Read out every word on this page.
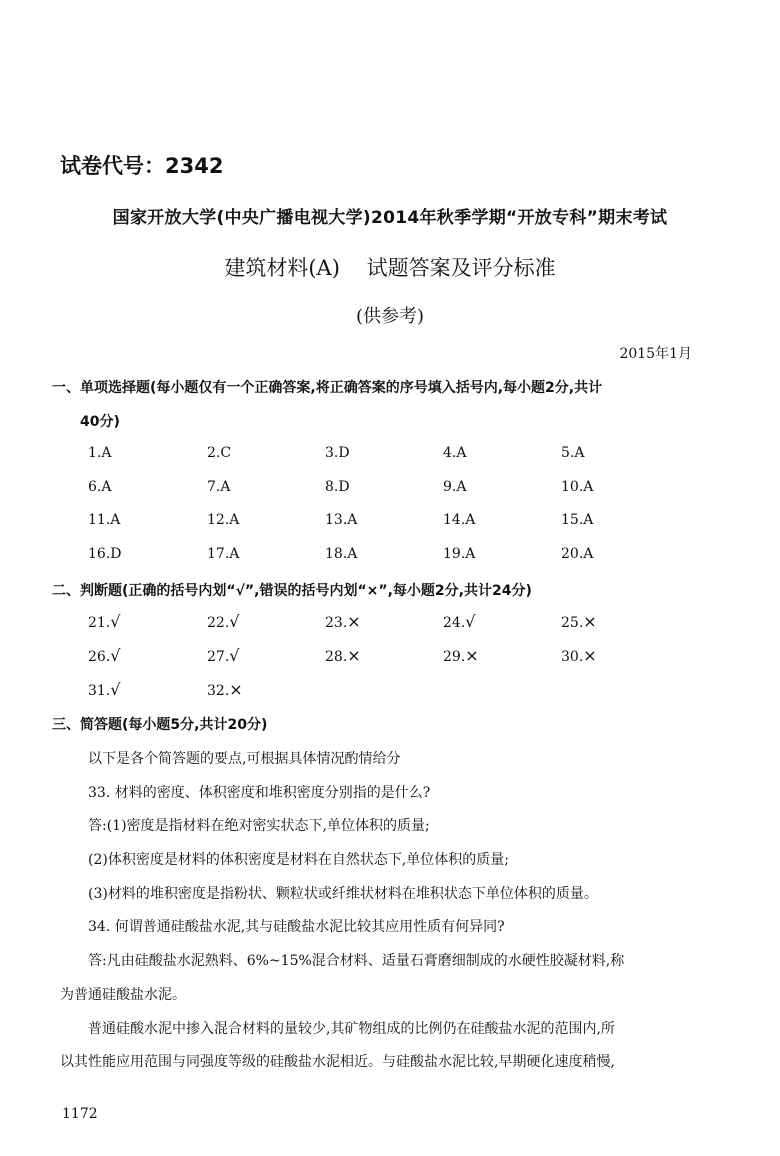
试卷代号：2342
国家开放大学(中央广播电视大学)2014年秋季学期“开放专科”期末考试
建筑材料(A)    试题答案及评分标准
(供参考)
2015年1月
一、单项选择题(每小题仅有一个正确答案,将正确答案的序号填入括号内,每小题2分,共计
40分)
1.A	2.C	3.D	4.A	5.A
6.A	7.A	8.D	9.A	10.A
11.A	12.A	13.A	14.A	15.A
16.D	17.A	18.A	19.A	20.A
二、判断题(正确的括号内划“√”,错误的括号内划“×”,每小题2分,共计24分)
21.√	22.√	23.×	24.√	25.×
26.√	27.√	28.×	29.×	30.×
31.√	32.×
三、简答题(每小题5分,共计20分)
以下是各个简答题的要点,可根据具体情况酌情给分
33. 材料的密度、体积密度和堆积密度分别指的是什么?
答:(1)密度是指材料在绝对密实状态下,单位体积的质量;
(2)体积密度是材料的体积密度是材料在自然状态下,单位体积的质量;
(3)材料的堆积密度是指粉状、颗粒状或纤维状材料在堆积状态下单位体积的质量。
34. 何谓普通硅酸盐水泥,其与硅酸盐水泥比较其应用性质有何异同?
答:凡由硅酸盐水泥熟料、6%~15%混合材料、适量石膏磨细制成的水硬性胶凝材料,称
为普通硅酸盐水泥。
普通硅酸水泥中掺入混合材料的量较少,其矿物组成的比例仍在硅酸盐水泥的范围内,所
以其性能应用范围与同强度等级的硅酸盐水泥相近。与硅酸盐水泥比较,早期硬化速度稍慢,
1172
